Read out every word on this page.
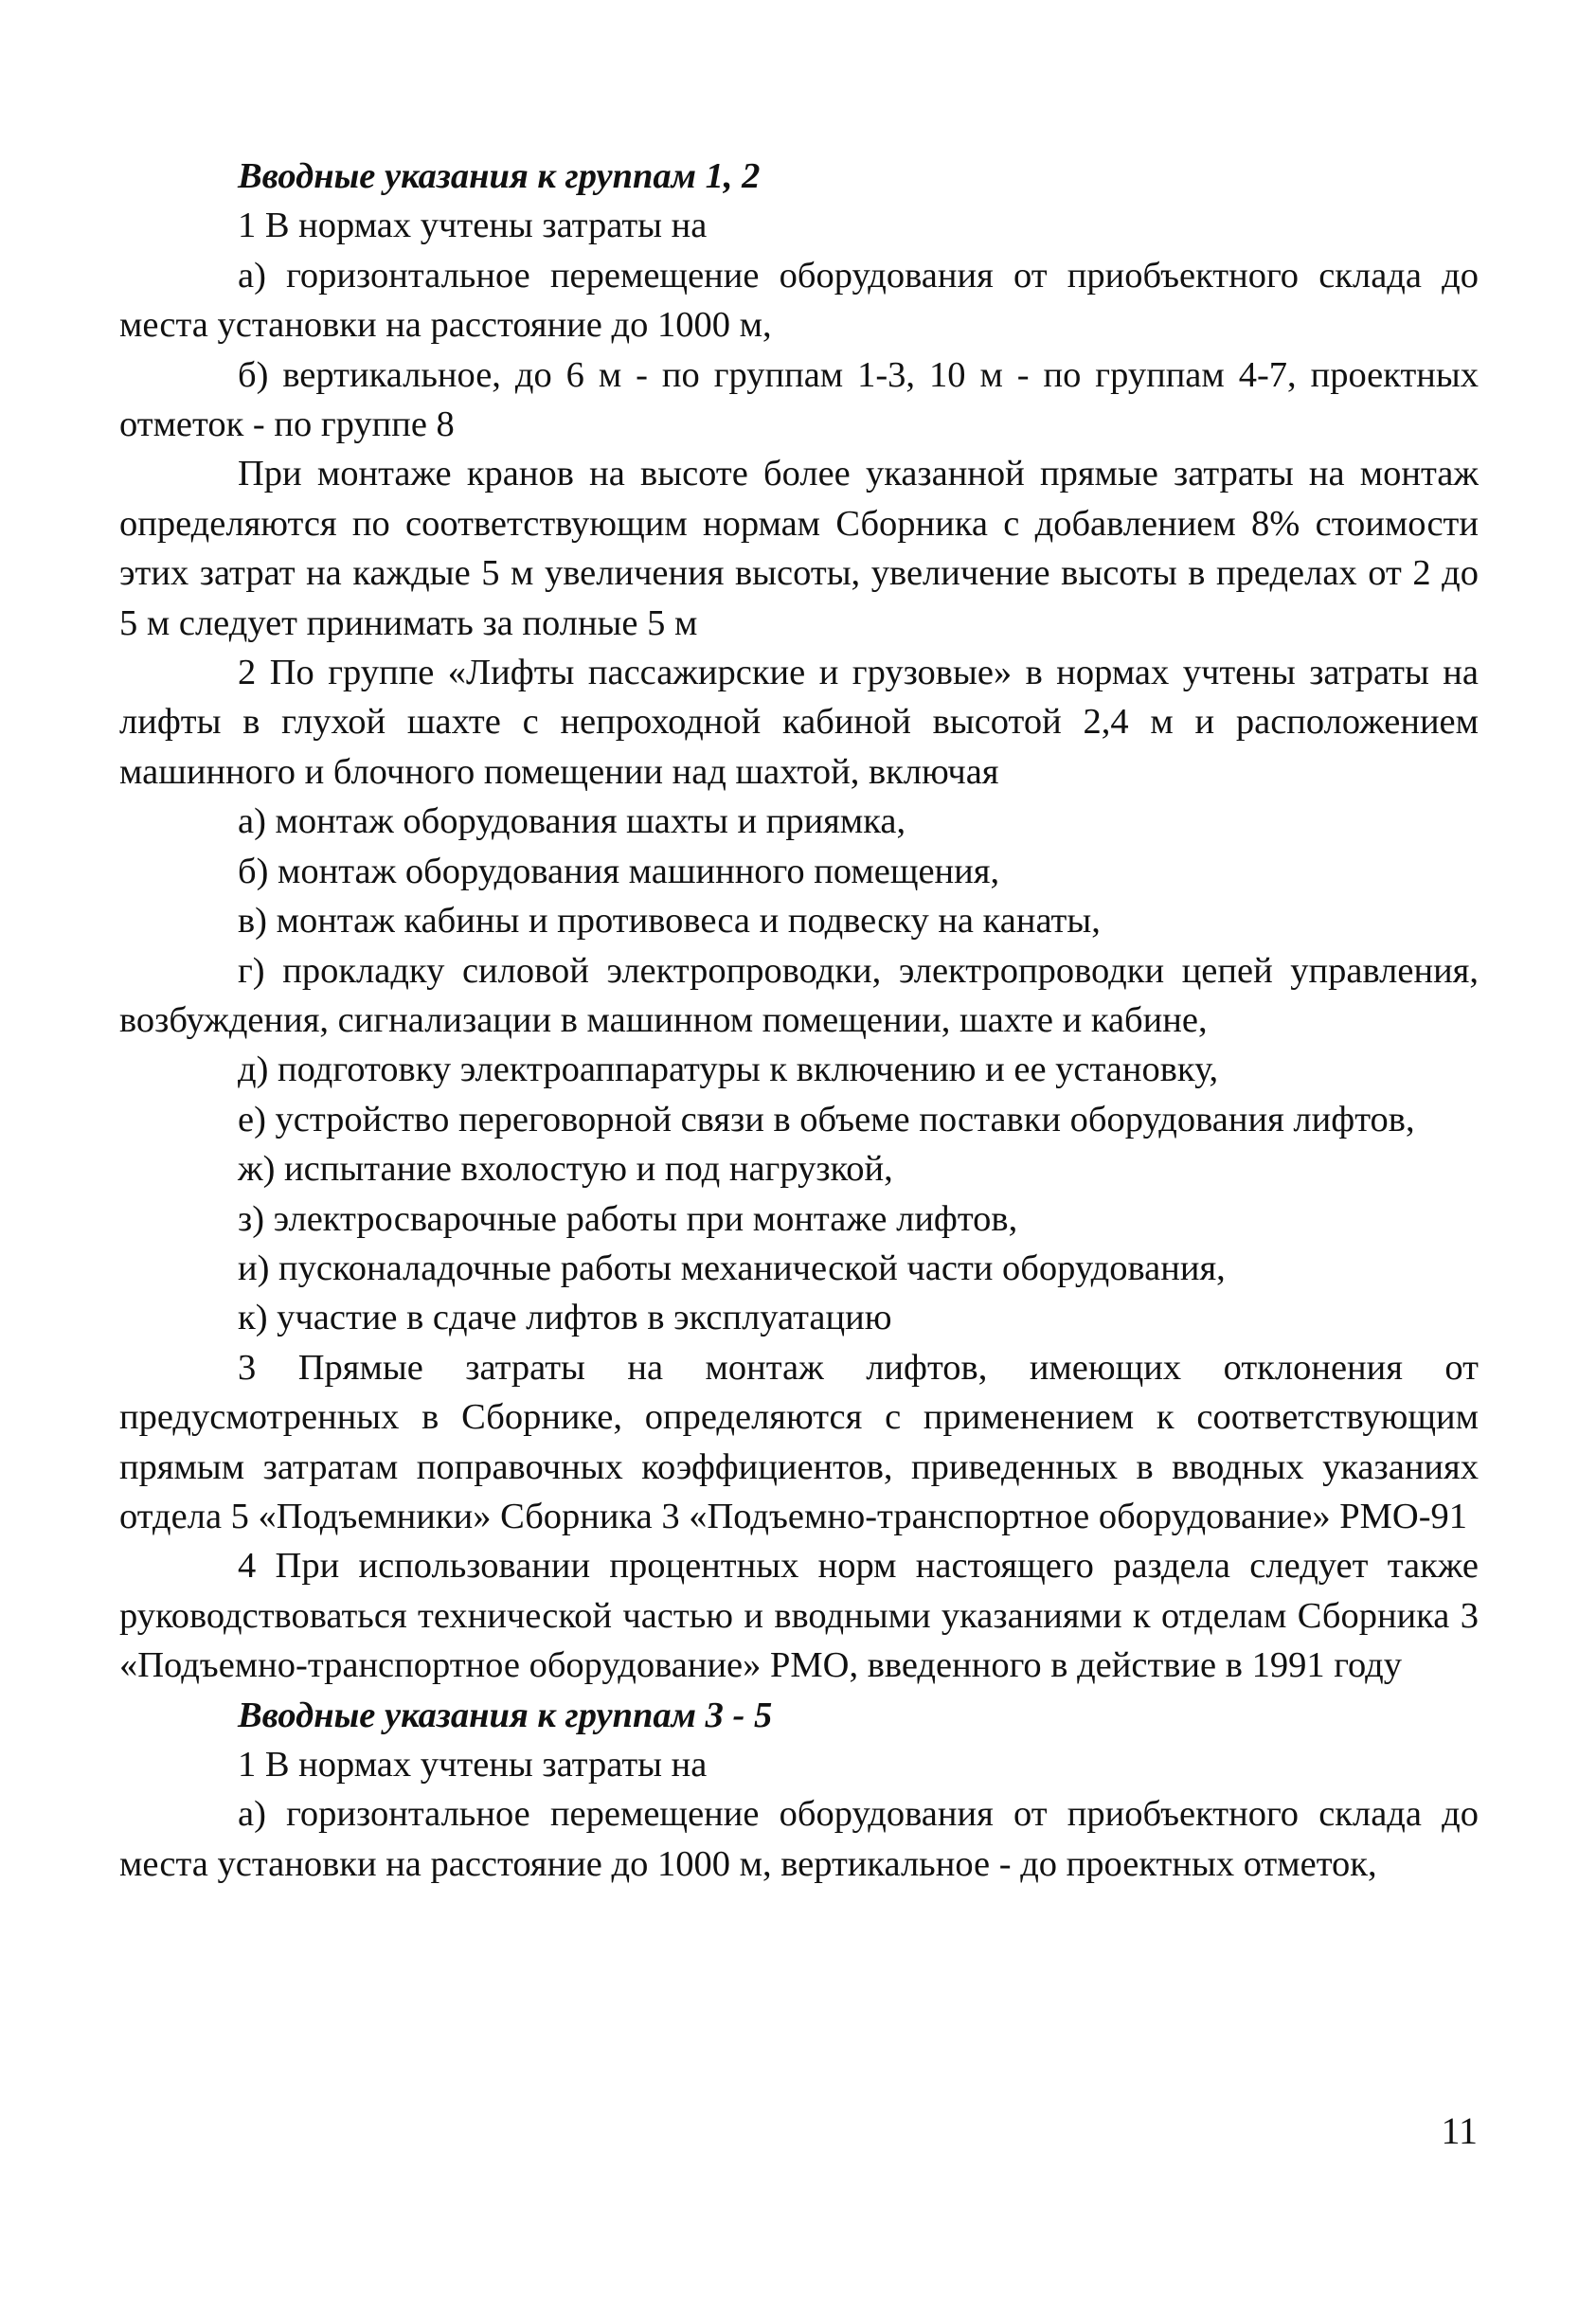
Вводные указания к группам 1, 2

1 В нормах учтены затраты на

а) горизонтальное перемещение оборудования от приобъектного склада до места установки на расстояние до 1000 м,

б) вертикальное, до 6 м - по группам 1-3, 10 м - по группам 4-7, проектных отметок - по группе 8

При монтаже кранов на высоте более указанной прямые затраты на монтаж определяются по соответствующим нормам Сборника с добавлением 8% стоимости этих затрат на каждые 5 м увеличения высоты, увеличение высоты в пределах от 2 до 5 м следует принимать за полные 5 м

2 По группе «Лифты пассажирские и грузовые» в нормах учтены затраты на лифты в глухой шахте с непроходной кабиной высотой 2,4 м и расположением машинного и блочного помещении над шахтой, включая

а) монтаж оборудования шахты и приямка,

б) монтаж оборудования машинного помещения,

в) монтаж кабины и противовеса и подвеску на канаты,

г) прокладку силовой электропроводки, электропроводки цепей управления, возбуждения, сигнализации в машинном помещении, шахте и кабине,

д) подготовку электроаппаратуры к включению и ее установку,

е) устройство переговорной связи в объеме поставки оборудования лифтов,

ж) испытание вхолостую и под нагрузкой,

з) электросварочные работы при монтаже лифтов,

и) пусконаладочные работы механической части оборудования,

к) участие в сдаче лифтов в эксплуатацию

3 Прямые затраты на монтаж лифтов, имеющих отклонения от предусмотренных в Сборнике, определяются с применением к соответствующим прямым затратам поправочных коэффициентов, приведенных в вводных указаниях отдела 5 «Подъемники» Сборника 3 «Подъемно-транспортное оборудование» РМО-91

4 При использовании процентных норм настоящего раздела следует также руководствоваться технической частью и вводными указаниями к отделам Сборника 3 «Подъемно-транспортное оборудование» РМО, введенного в действие в 1991 году

Вводные указания к группам 3 - 5

1 В нормах учтены затраты на

а) горизонтальное перемещение оборудования от приобъектного склада до места установки на расстояние до 1000 м, вертикальное - до проектных отметок,

11
